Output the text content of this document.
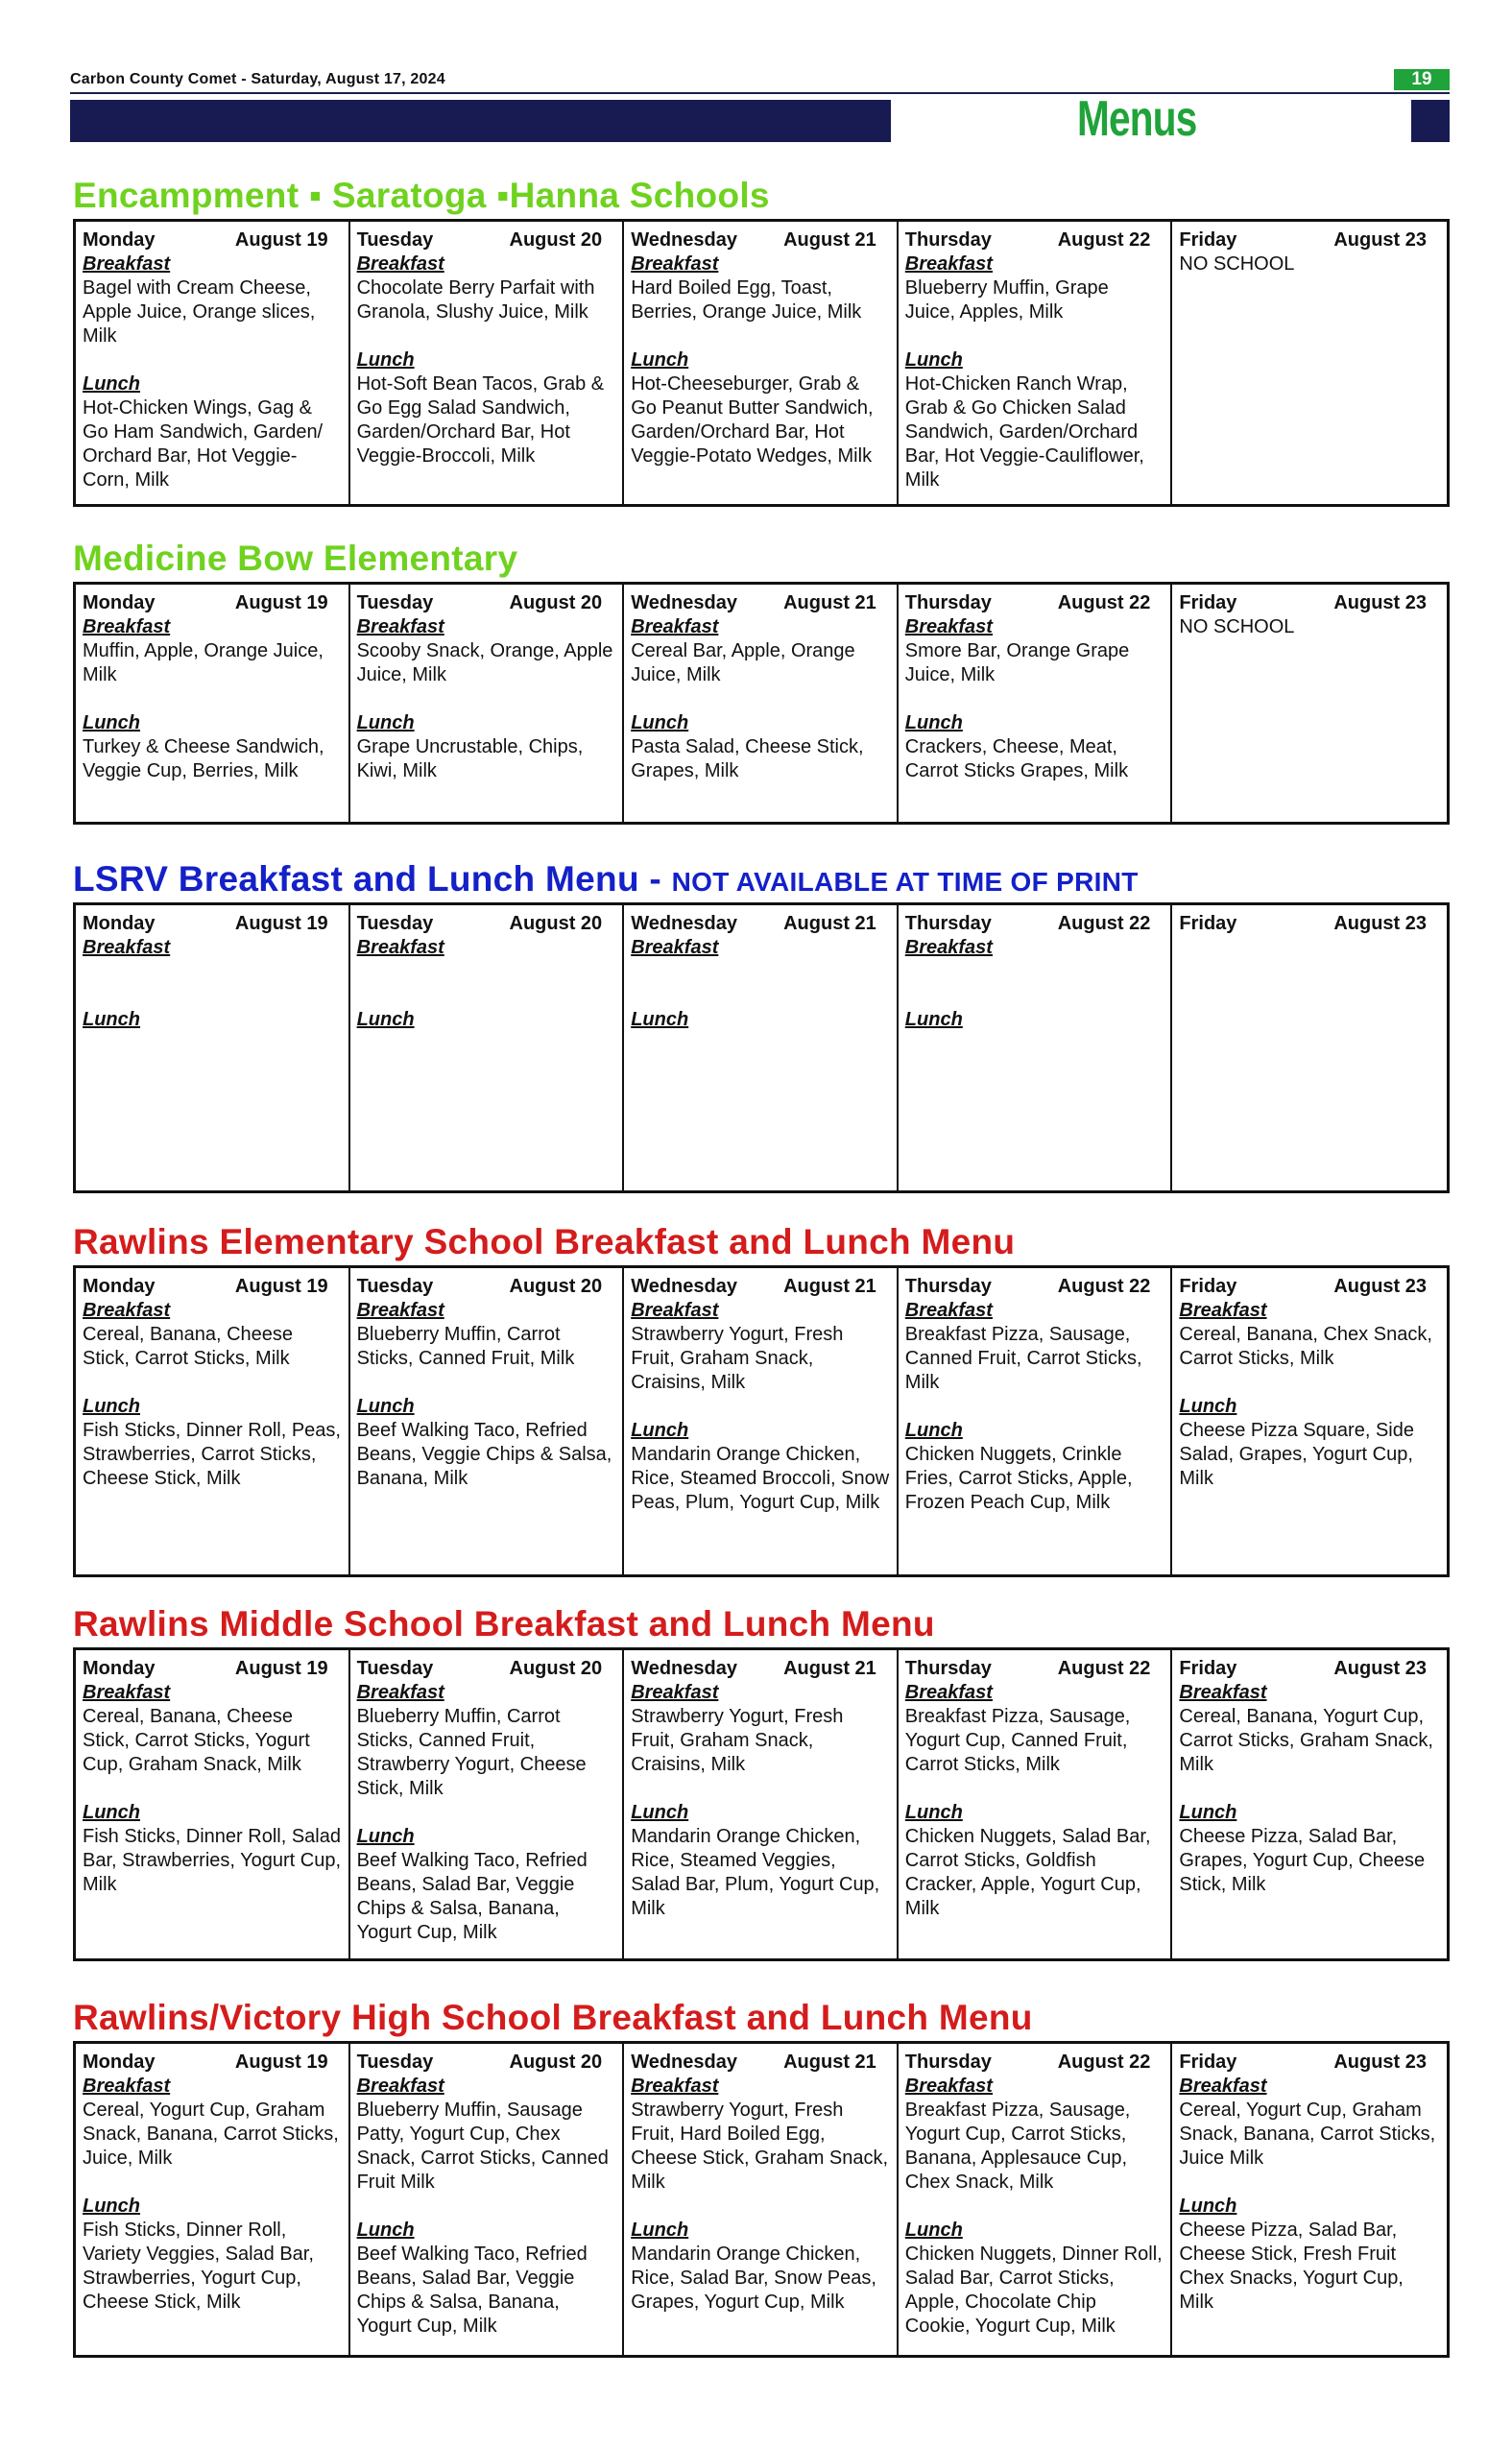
Carbon County Comet - Saturday, August 17, 2024	19
Menus
Encampment ▪ Saratoga ▪Hanna Schools
Monday	August 19
Breakfast
Bagel with Cream Cheese, Apple Juice, Orange slices, Milk
Lunch
Hot-Chicken Wings, Gag & Go Ham Sandwich, Garden/ Orchard Bar, Hot Veggie-Corn, Milk
Tuesday	August 20
Breakfast
Chocolate Berry Parfait with Granola, Slushy Juice, Milk
Lunch
Hot-Soft Bean Tacos, Grab & Go Egg Salad Sandwich, Garden/Orchard Bar, Hot Veggie-Broccoli, Milk
Wednesday August 21
Breakfast
Hard Boiled Egg, Toast, Berries, Orange Juice, Milk
Lunch
Hot-Cheeseburger, Grab & Go Peanut Butter Sandwich, Garden/Orchard Bar, Hot Veggie-Potato Wedges, Milk
Thursday	August 22
Breakfast
Blueberry Muffin, Grape Juice, Apples, Milk
Lunch
Hot-Chicken Ranch Wrap, Grab & Go Chicken Salad Sandwich, Garden/Orchard Bar, Hot Veggie-Cauliflower, Milk
Friday	August 23
NO SCHOOL
Medicine Bow Elementary
Monday	August 19
Breakfast
Muffin, Apple, Orange Juice, Milk
Lunch
Turkey & Cheese Sandwich, Veggie Cup, Berries, Milk
Tuesday	August 20
Breakfast
Scooby Snack, Orange, Apple Juice, Milk
Lunch
Grape Uncrustable, Chips, Kiwi, Milk
Wednesday August 21
Breakfast
Cereal Bar, Apple, Orange Juice, Milk
Lunch
Pasta Salad, Cheese Stick, Grapes, Milk
Thursday	August 22
Breakfast
Smore Bar, Orange Grape Juice, Milk
Lunch
Crackers, Cheese, Meat, Carrot Sticks Grapes, Milk
Friday	August 23
NO SCHOOL
LSRV Breakfast and Lunch Menu - NOT AVAILABLE AT TIME OF PRINT
Monday	August 19
Breakfast
Lunch
Tuesday	August 20
Breakfast
Lunch
Wednesday August 21
Breakfast
Lunch
Thursday	August 22
Breakfast
Lunch
Friday	August 23
Rawlins Elementary School Breakfast and Lunch Menu
Monday	August 19
Breakfast
Cereal, Banana, Cheese Stick, Carrot Sticks, Milk
Lunch
Fish Sticks, Dinner Roll, Peas, Strawberries, Carrot Sticks, Cheese Stick, Milk
Tuesday	August 20
Breakfast
Blueberry Muffin, Carrot Sticks, Canned Fruit, Milk
Lunch
Beef Walking Taco, Refried Beans, Veggie Chips & Salsa, Banana, Milk
Wednesday August 21
Breakfast
Strawberry Yogurt, Fresh Fruit, Graham Snack, Craisins, Milk
Lunch
Mandarin Orange Chicken, Rice, Steamed Broccoli, Snow Peas, Plum, Yogurt Cup, Milk
Thursday	August 22
Breakfast
Breakfast Pizza, Sausage, Canned Fruit, Carrot Sticks, Milk
Lunch
Chicken Nuggets, Crinkle Fries, Carrot Sticks, Apple, Frozen Peach Cup, Milk
Friday	August 23
Breakfast
Cereal, Banana, Chex Snack, Carrot Sticks, Milk
Lunch
Cheese Pizza Square, Side Salad, Grapes, Yogurt Cup, Milk
Rawlins Middle School Breakfast and Lunch Menu
Monday	August 19
Breakfast
Cereal, Banana, Cheese Stick, Carrot Sticks, Yogurt Cup, Graham Snack, Milk
Lunch
Fish Sticks, Dinner Roll, Salad Bar, Strawberries, Yogurt Cup, Milk
Tuesday	August 20
Breakfast
Blueberry Muffin, Carrot Sticks, Canned Fruit, Strawberry Yogurt, Cheese Stick, Milk
Lunch
Beef Walking Taco, Refried Beans, Salad Bar, Veggie Chips & Salsa, Banana, Yogurt Cup, Milk
Wednesday August 21
Breakfast
Strawberry Yogurt, Fresh Fruit, Graham Snack, Craisins, Milk
Lunch
Mandarin Orange Chicken, Rice, Steamed Veggies, Salad Bar, Plum, Yogurt Cup, Milk
Thursday	August 22
Breakfast
Breakfast Pizza, Sausage, Yogurt Cup, Canned Fruit, Carrot Sticks, Milk
Lunch
Chicken Nuggets, Salad Bar, Carrot Sticks, Goldfish Cracker, Apple, Yogurt Cup, Milk
Friday	August 23
Breakfast
Cereal, Banana, Yogurt Cup, Carrot Sticks, Graham Snack, Milk
Lunch
Cheese Pizza, Salad Bar, Grapes, Yogurt Cup, Cheese Stick, Milk
Rawlins/Victory High School Breakfast and Lunch Menu
Monday	August 19
Breakfast
Cereal, Yogurt Cup, Graham Snack, Banana, Carrot Sticks, Juice, Milk
Lunch
Fish Sticks, Dinner Roll, Variety Veggies, Salad Bar, Strawberries, Yogurt Cup, Cheese Stick, Milk
Tuesday	August 20
Breakfast
Blueberry Muffin, Sausage Patty, Yogurt Cup, Chex Snack, Carrot Sticks, Canned Fruit Milk
Lunch
Beef Walking Taco, Refried Beans, Salad Bar, Veggie Chips & Salsa, Banana, Yogurt Cup, Milk
Wednesday August 21
Breakfast
Strawberry Yogurt, Fresh Fruit, Hard Boiled Egg, Cheese Stick, Graham Snack, Milk
Lunch
Mandarin Orange Chicken, Rice, Salad Bar, Snow Peas, Grapes, Yogurt Cup, Milk
Thursday	August 22
Breakfast
Breakfast Pizza, Sausage, Yogurt Cup, Carrot Sticks, Banana, Applesauce Cup, Chex Snack, Milk
Lunch
Chicken Nuggets, Dinner Roll, Salad Bar, Carrot Sticks, Apple, Chocolate Chip Cookie, Yogurt Cup, Milk
Friday	August 23
Breakfast
Cereal, Yogurt Cup, Graham Snack, Banana, Carrot Sticks, Juice Milk
Lunch
Cheese Pizza, Salad Bar, Cheese Stick, Fresh Fruit Chex Snacks, Yogurt Cup, Milk
